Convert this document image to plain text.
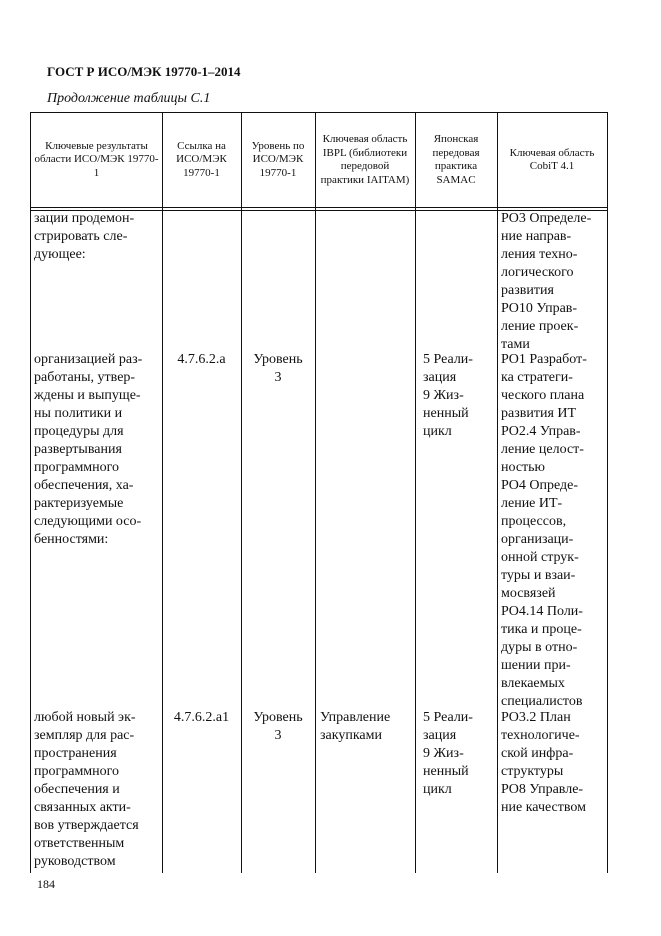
ГОСТ Р ИСО/МЭК 19770-1–2014

Продолжение таблицы С.1

Ключевые результаты области ИСО/МЭК 19770-1
Ссылка на ИСО/МЭК 19770-1
Уровень по ИСО/МЭК 19770-1
Ключевая область IBPL (библиотеки передовой практики IAITAM)
Японская передовая практика SAMAC
Ключевая область CobiT 4.1
зации продемон-
стрировать сле-
дующее:
PO3 Определе-
ние направ-
ления техно-
логического
развития
PO10 Управ-
ление проек-
тами
организацией раз-
работаны, утвер-
ждены и выпуще-
ны политики и
процедуры для
развертывания
программного
обеспечения, ха-
рактеризуемые
следующими осо-
бенностями:
4.7.6.2.a	Уровень
3
5 Реали-
зация
9 Жиз-
ненный
цикл
PO1 Разработ-
ка стратеги-
ческого плана
развития ИТ
PO2.4 Управ-
ление целост-
ностью
PO4 Опреде-
ление ИТ-
процессов,
организаци-
онной струк-
туры и взаи-
мосвязей
PO4.14 Поли-
тика и проце-
дуры в отно-
шении при-
влекаемых
специалистов
любой новый эк-
земпляр для рас-
пространения
программного
обеспечения и
связанных акти-
вов утверждается
ответственным
руководством
4.7.6.2.a1	Уровень
3
Управление
закупками
5 Реали-
зация
9 Жиз-
ненный
цикл
PO3.2 План
технологиче-
ской инфра-
структуры
PO8 Управле-
ние качеством

184
